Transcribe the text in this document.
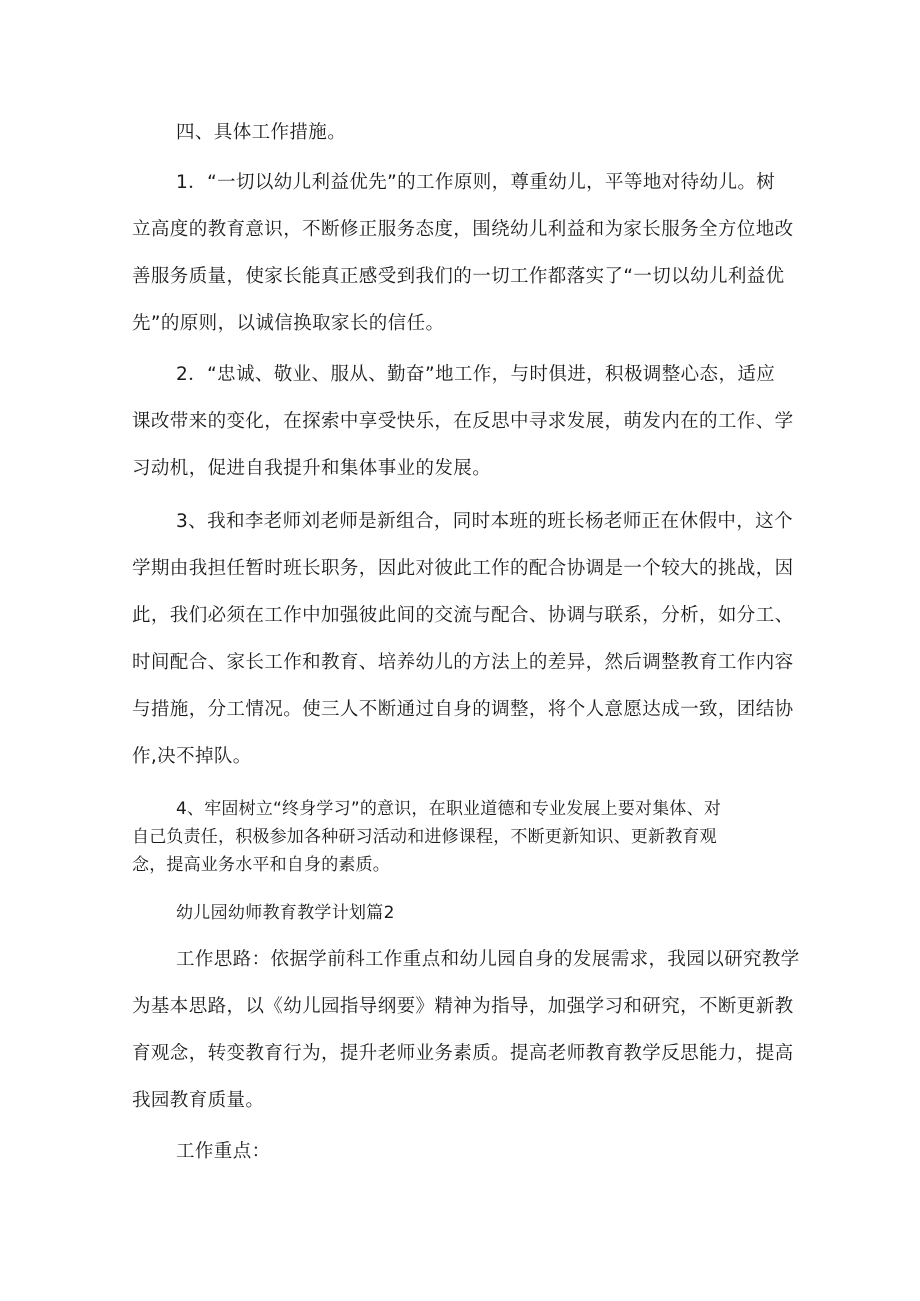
四、具体工作措施。

1．“一切以幼儿利益优先”的工作原则，尊重幼儿，平等地对待幼儿。树

立高度的教育意识，不断修正服务态度，围绕幼儿利益和为家长服务全方位地改

善服务质量，使家长能真正感受到我们的一切工作都落实了“一切以幼儿利益优

先”的原则，以诚信换取家长的信任。

2．“忠诚、敬业、服从、勤奋”地工作，与时俱进，积极调整心态，适应

课改带来的变化，在探索中享受快乐，在反思中寻求发展，萌发内在的工作、学

习动机，促进自我提升和集体事业的发展。

3、我和李老师刘老师是新组合，同时本班的班长杨老师正在休假中，这个

学期由我担任暂时班长职务，因此对彼此工作的配合协调是一个较大的挑战，因

此，我们必须在工作中加强彼此间的交流与配合、协调与联系，分析，如分工、

时间配合、家长工作和教育、培养幼儿的方法上的差异，然后调整教育工作内容

与措施，分工情况。使三人不断通过自身的调整，将个人意愿达成一致，团结协

作,决不掉队。

4、牢固树立“终身学习”的意识，在职业道德和专业发展上要对集体、对

自己负责任，积极参加各种研习活动和进修课程，不断更新知识、更新教育观

念，提高业务水平和自身的素质。

幼儿园幼师教育教学计划篇2

工作思路：依据学前科工作重点和幼儿园自身的发展需求，我园以研究教学

为基本思路，以《幼儿园指导纲要》精神为指导，加强学习和研究，不断更新教

育观念，转变教育行为，提升老师业务素质。提高老师教育教学反思能力，提高

我园教育质量。

工作重点：
